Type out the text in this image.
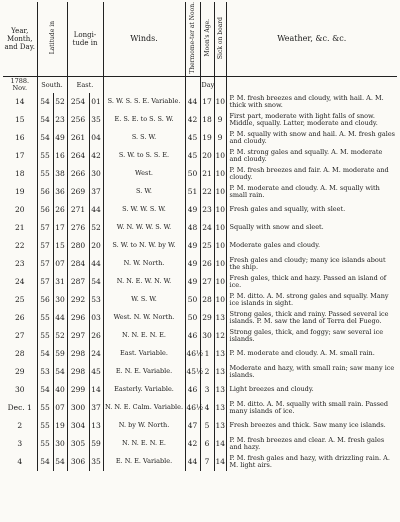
Year, Month, and Day.	Latitude in		Longi-tude in		Winds.	Thermome-ter at Noon.	Moon's Age.	Sick on board	Weather, &c. &c.
1788. Nov.	South.		East.				Day		
14	54	52	254	01	S. W. S. S. E. Variable.	44	17	10	P. M. fresh breezes and cloudy, with hail. A. M. thick with snow.
15	54	23	256	35	E. S. E. to S. S. W.	42	18	9	First part, moderate with light falls of snow. Middle, squally. Latter, moderate and cloudy.
16	54	49	261	04	S. S. W.	45	19	9	P. M. squally with snow and hail. A. M. fresh gales and cloudy.
17	55	16	264	42	S. W. to S. S. E.	45	20	10	P. M. strong gales and squally. A. M. moderate and cloudy.
18	55	38	266	30	West.	50	21	10	P. M. fresh breezes and fair. A. M. moderate and cloudy.
19	56	36	269	37	S. W.	51	22	10	P. M. moderate and cloudy. A. M. squally with small rain.
20	56	26	271	44	S. W. W. S. W.	49	23	10	Fresh gales and squally, with sleet.
21	57	17	276	52	W. N. W. W. S. W.	48	24	10	Squally with snow and sleet.
22	57	15	280	20	S. W. to N. W. by W.	49	25	10	Moderate gales and cloudy.
23	57	07	284	44	N. W. North.	49	26	10	Fresh gales and cloudy; many ice islands about the ship.
24	57	31	287	54	N. N. E. W. N. W.	49	27	10	Fresh gales, thick and hazy. Passed an island of ice.
25	56	30	292	53	W. S. W.	50	28	10	P. M. ditto. A. M. strong gales and squally. Many ice islands in sight.
26	55	44	296	03	West. N. W. North.	50	29	13	Strong gales, thick and rainy. Passed several ice islands. P. M. saw the land of Terra del Fuego.
27	55	52	297	26	N. N. E. N. E.	46	30	12	Strong gales, thick, and foggy; saw several ice islands.
28	54	59	298	24	East. Variable.	46½	1	13	P. M. moderate and cloudy. A. M. small rain.
29	53	54	298	45	E. N. E. Variable.	45½	2	13	Moderate and hazy, with small rain; saw many ice islands.
30	54	40	299	14	Easterly. Variable.	46	3	13	Light breezes and cloudy.
Dec. 1	55	07	300	37	N. N. E. Calm. Variable.	46½	4	13	P. M. ditto. A. M. squally with small rain. Passed many islands of ice.
2	55	19	304	13	N. by W. North.	47	5	13	Fresh breezes and thick. Saw many ice islands.
3	55	30	305	59	N. N. E. N. E.	42	6	14	P. M. fresh breezes and clear. A. M. fresh gales and hazy.
4	54	54	306	35	E. N. E. Variable.	44	7	14	P. M. fresh gales and hazy, with drizzling rain. A. M. light airs.
